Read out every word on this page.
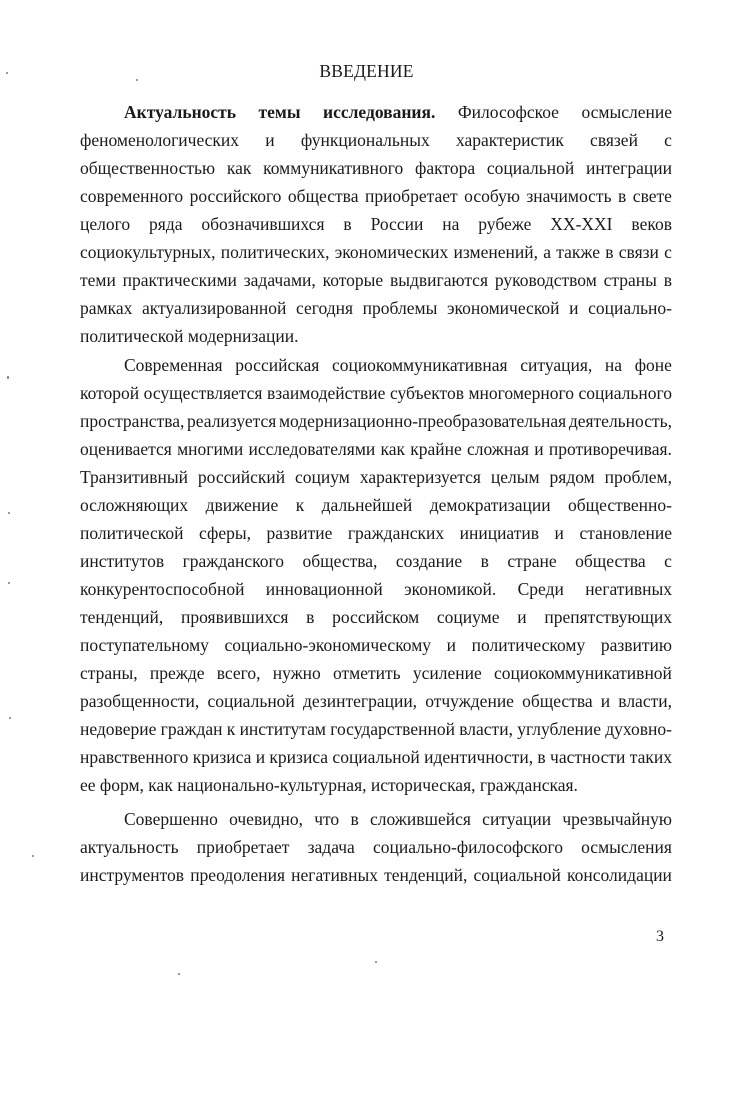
ВВЕДЕНИЕ
Актуальность темы исследования. Философское осмысление
феноменологических и функциональных характеристик связей с
общественностью как коммуникативного фактора социальной интеграции
современного российского общества приобретает особую значимость в свете
целого ряда обозначившихся в России на рубеже XX-XXI веков
социокультурных, политических, экономических изменений, а также в связи с
теми практическими задачами, которые выдвигаются руководством страны в
рамках актуализированной сегодня проблемы экономической и социально-
политической модернизации.
Современная российская социокоммуникативная ситуация, на фоне
которой осуществляется взаимодействие субъектов многомерного социального
пространства, реализуется модернизационно-преобразовательная деятельность,
оценивается многими исследователями как крайне сложная и противоречивая.
Транзитивный российский социум характеризуется целым рядом проблем,
осложняющих движение к дальнейшей демократизации общественно-
политической сферы, развитие гражданских инициатив и становление
институтов гражданского общества, создание в стране общества с
конкурентоспособной инновационной экономикой. Среди негативных
тенденций, проявившихся в российском социуме и препятствующих
поступательному социально-экономическому и политическому развитию
страны, прежде всего, нужно отметить усиление социокоммуникативной
разобщенности, социальной дезинтеграции, отчуждение общества и власти,
недоверие граждан к институтам государственной власти, углубление духовно-
нравственного кризиса и кризиса социальной идентичности, в частности таких
ее форм, как национально-культурная, историческая, гражданская.
Совершенно очевидно, что в сложившейся ситуации чрезвычайную
актуальность приобретает задача социально-философского осмысления
инструментов преодоления негативных тенденций, социальной консолидации
3
